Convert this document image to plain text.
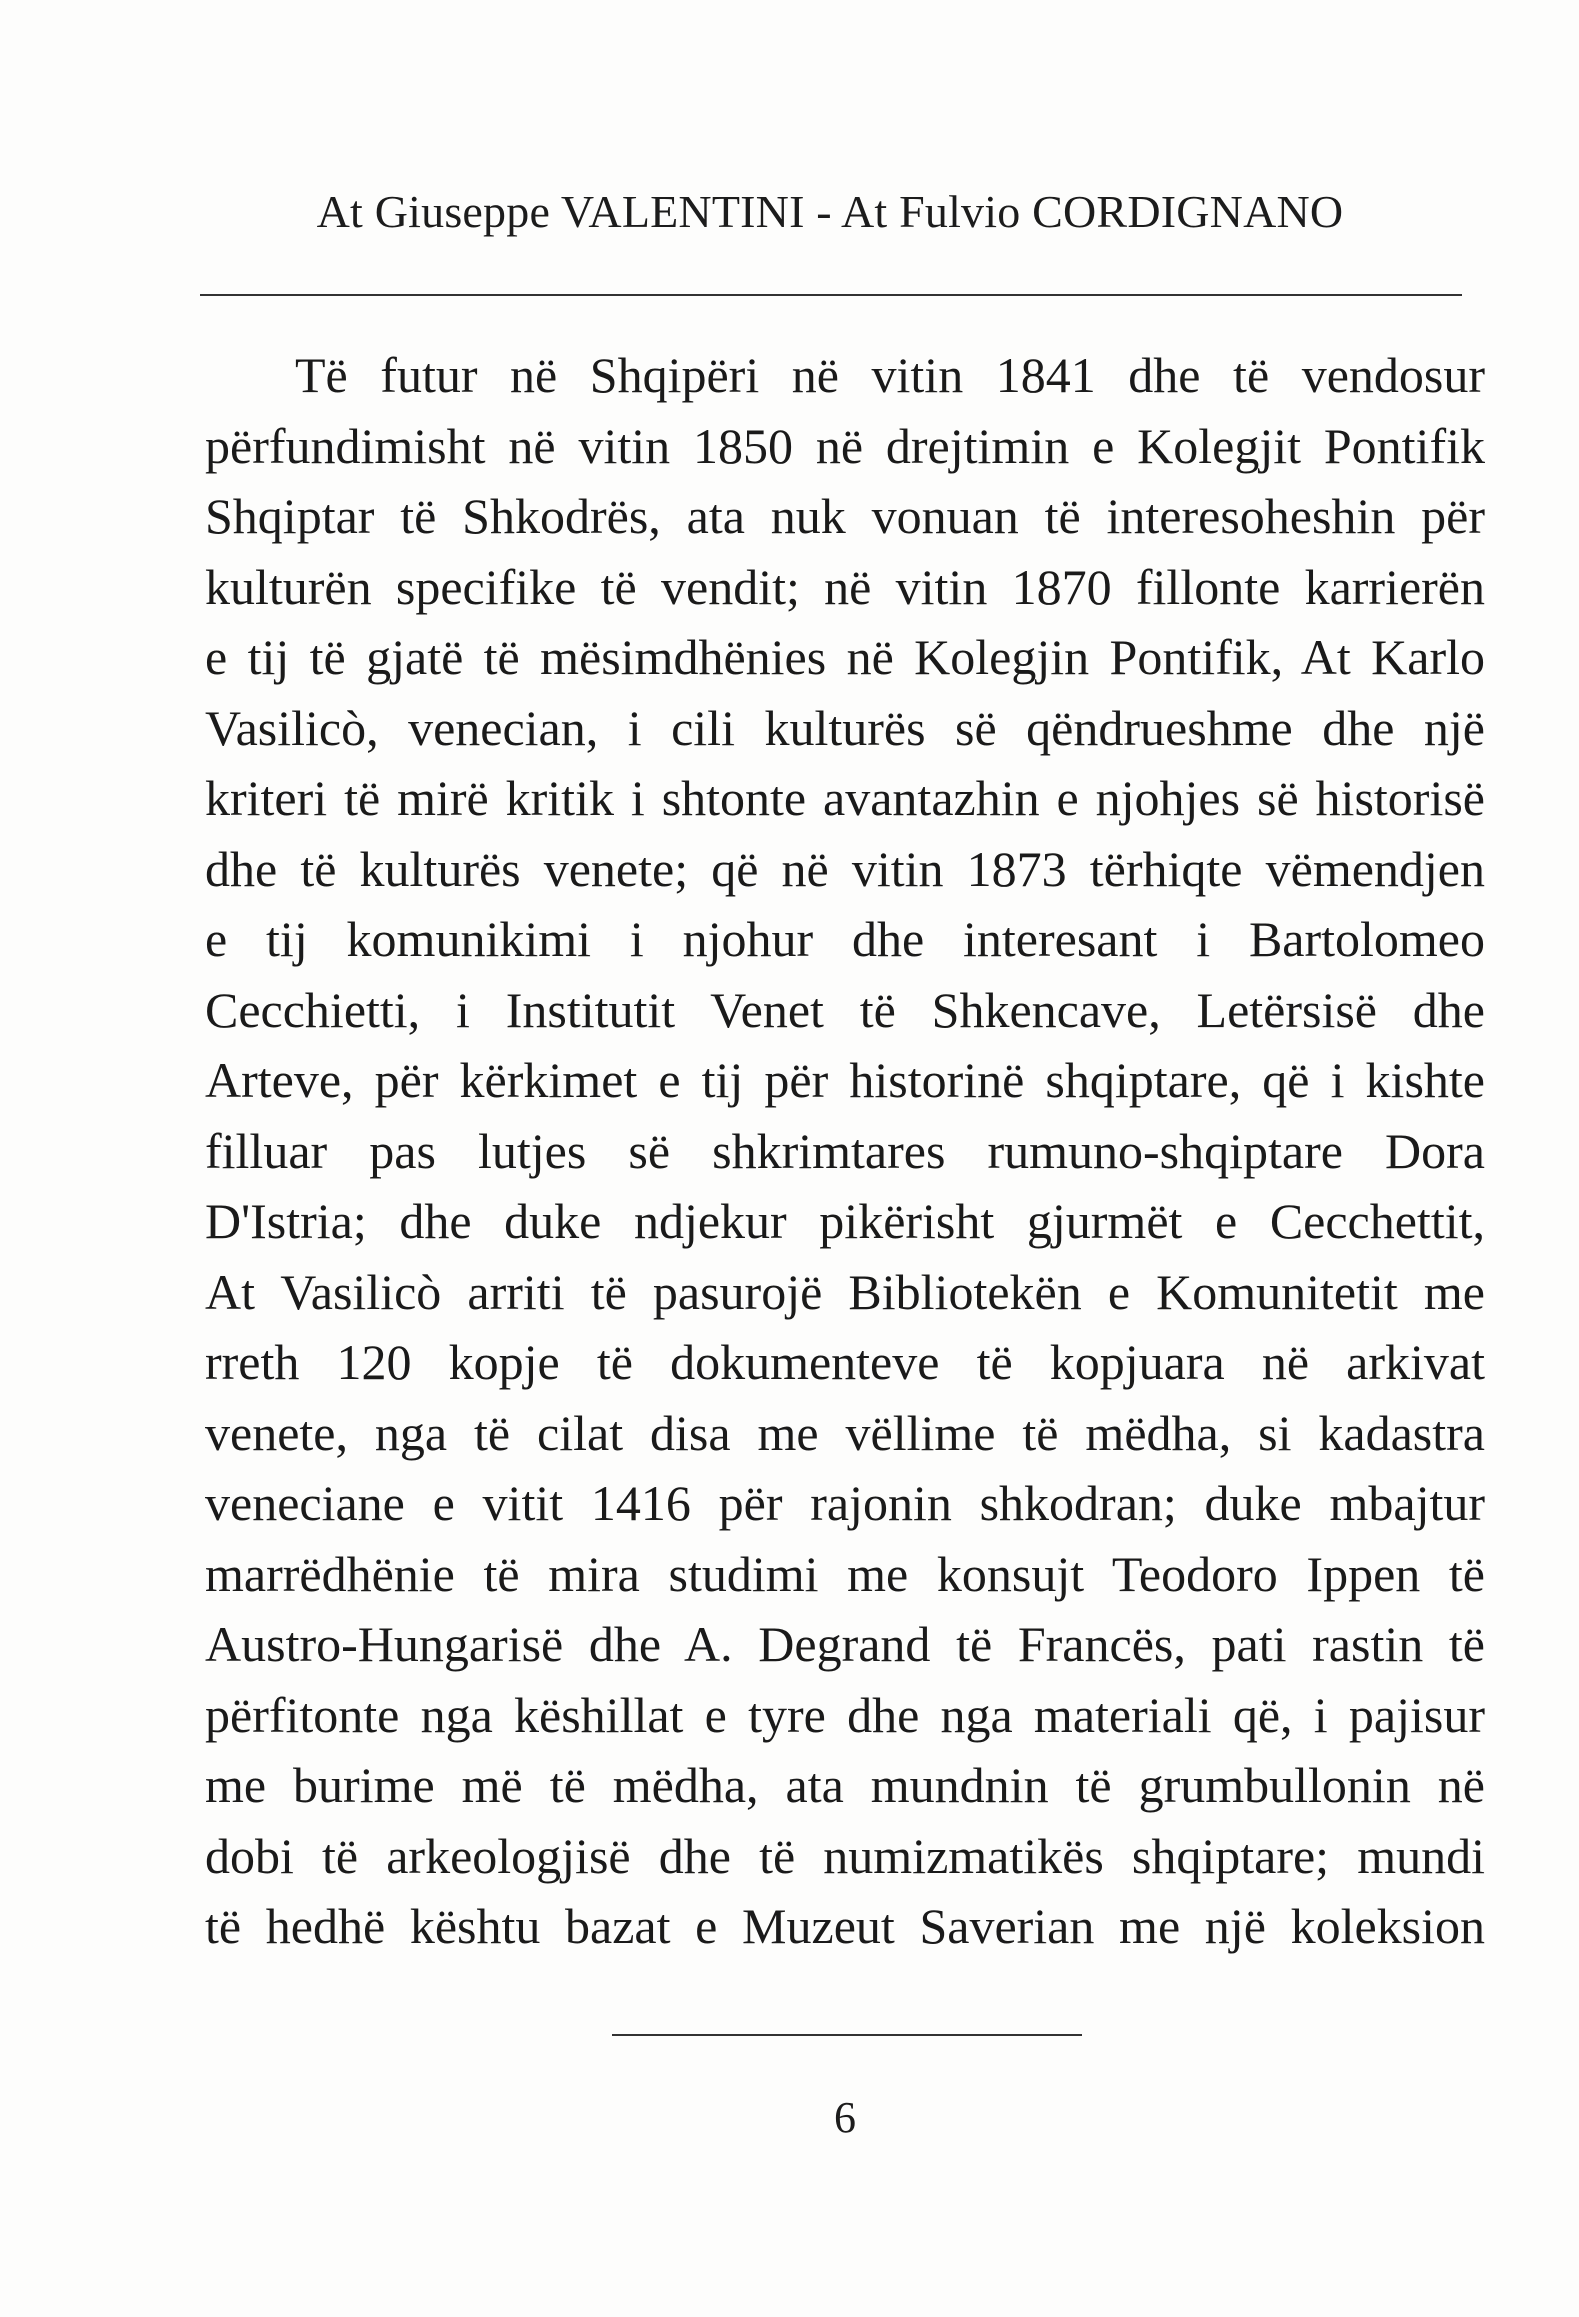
At Giuseppe VALENTINI - At Fulvio CORDIGNANO
Të futur në Shqipëri në vitin 1841 dhe të vendosur
përfundimisht në vitin 1850 në drejtimin e Kolegjit Pontifik
Shqiptar të Shkodrës, ata nuk vonuan të interesoheshin për
kulturën specifike të vendit; në vitin 1870 fillonte karrierën
e tij të gjatë të mësimdhënies në Kolegjin Pontifik, At Karlo
Vasilicò, venecian, i cili kulturës së qëndrueshme dhe një
kriteri të mirë kritik i shtonte avantazhin e njohjes së historisë
dhe të kulturës venete; që në vitin 1873 tërhiqte vëmendjen
e tij komunikimi i njohur dhe interesant i Bartolomeo
Cecchietti, i Institutit Venet të Shkencave, Letërsisë dhe
Arteve, për kërkimet e tij për historinë shqiptare, që i kishte
filluar pas lutjes së shkrimtares rumuno-shqiptare Dora
D'Istria; dhe duke ndjekur pikërisht gjurmët e Cecchettit,
At Vasilicò arriti të pasurojë Bibliotekën e Komunitetit me
rreth 120 kopje të dokumenteve të kopjuara në arkivat
venete, nga të cilat disa me vëllime të mëdha, si kadastra
veneciane e vitit 1416 për rajonin shkodran; duke mbajtur
marrëdhënie të mira studimi me konsujt Teodoro Ippen të
Austro-Hungarisë dhe A. Degrand të Francës, pati rastin të
përfitonte nga këshillat e tyre dhe nga materiali që, i pajisur
me burime më të mëdha, ata mundnin të grumbullonin në
dobi të arkeologjisë dhe të numizmatikës shqiptare; mundi
të hedhë kështu bazat e Muzeut Saverian me një koleksion
6
